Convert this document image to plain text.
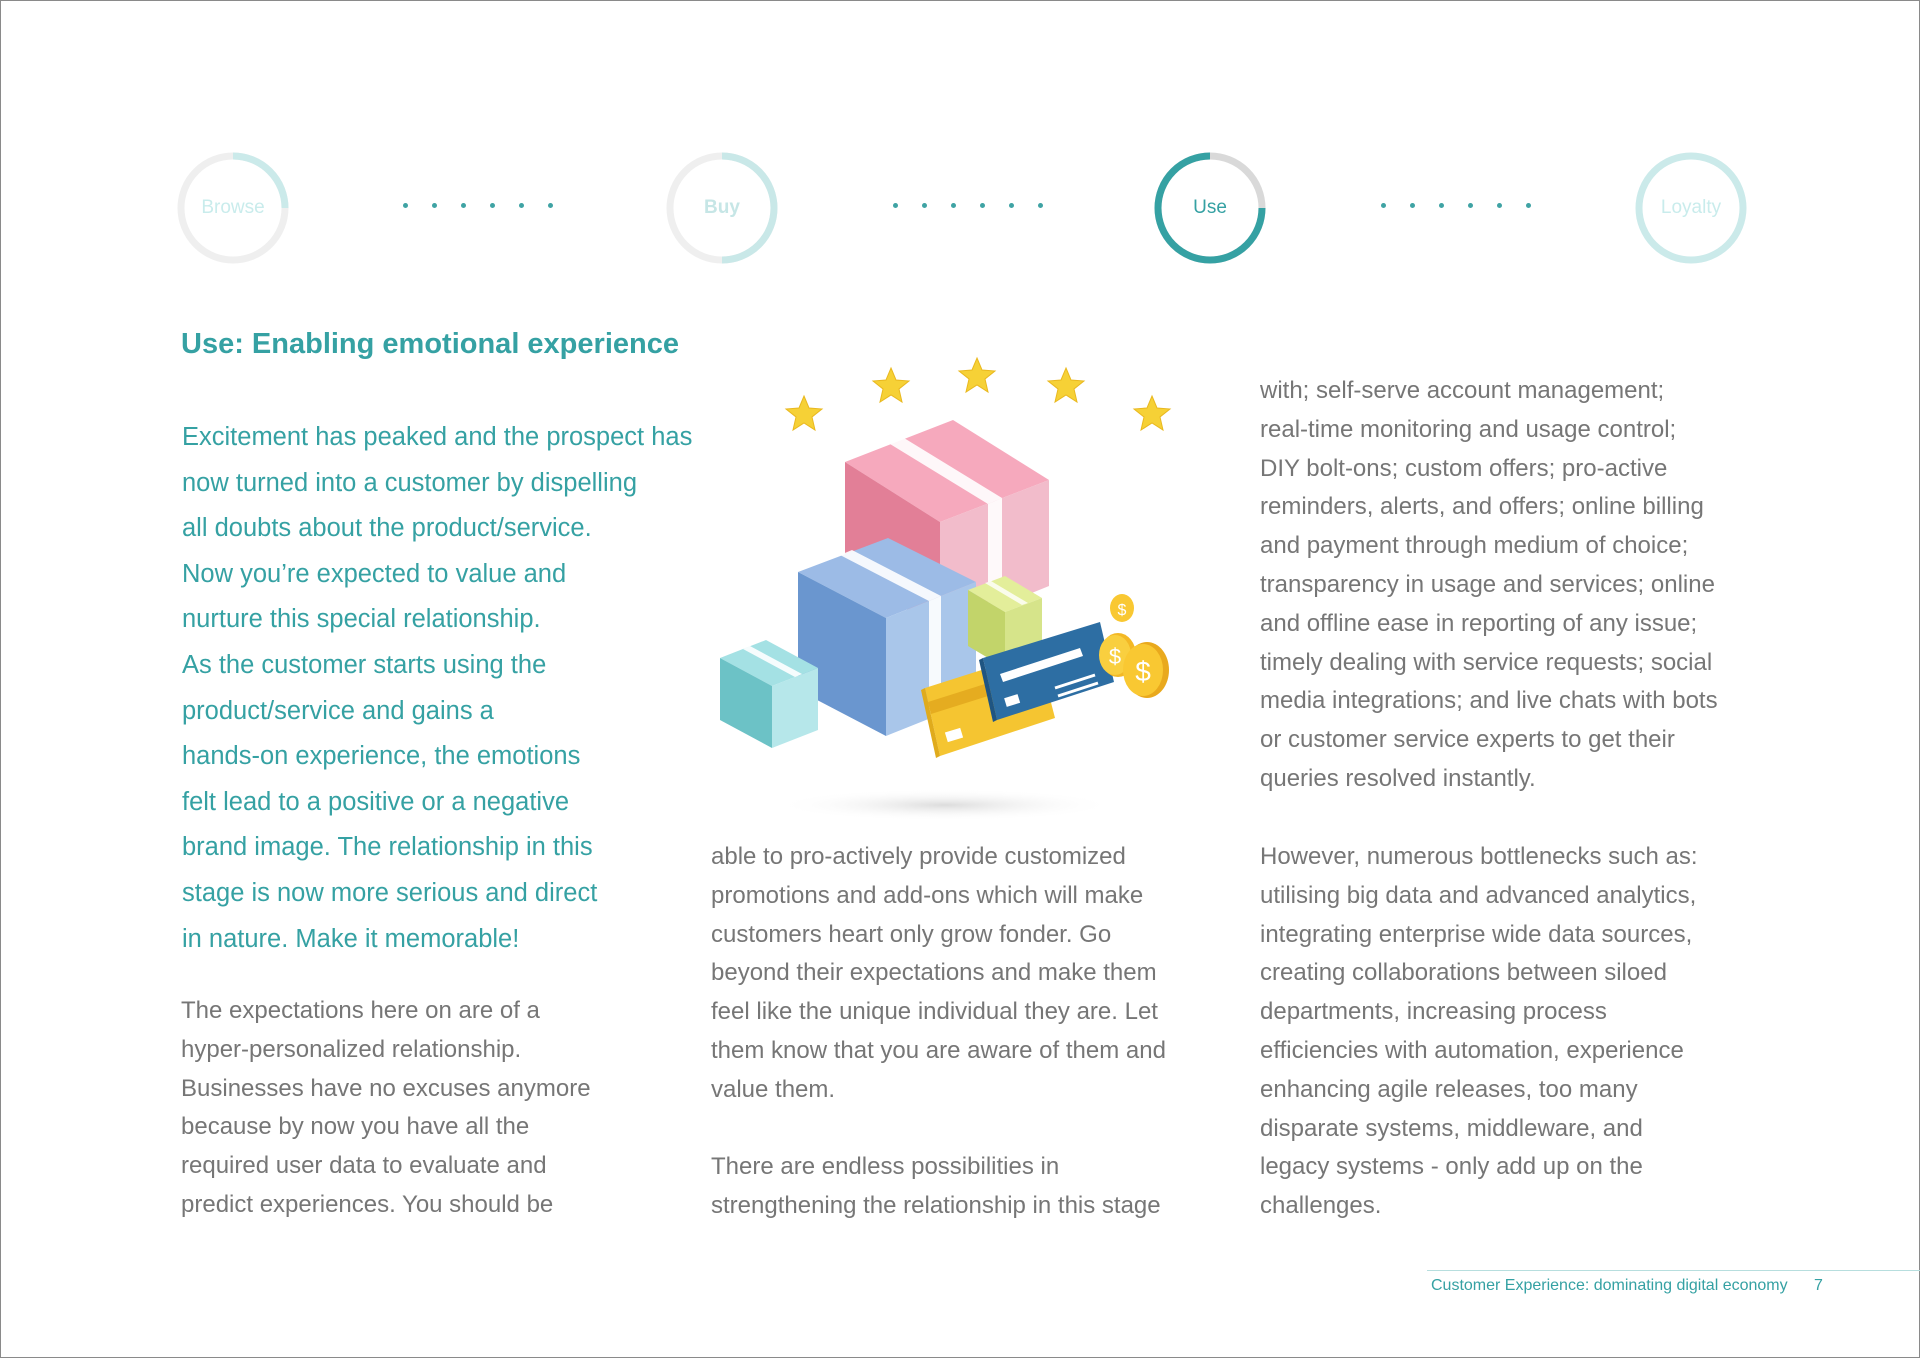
Browse	Buy	Use	Loyalty
Use: Enabling emotional experience
Excitement has peaked and the prospect has
now turned into a customer by dispelling
all doubts about the product/service.
Now you’re expected to value and
nurture this special relationship.
As the customer starts using the
product/service and gains a
hands-on experience, the emotions
felt lead to a positive or a negative
brand image. The relationship in this
stage is now more serious and direct
in nature. Make it memorable!
The expectations here on are of a
hyper-personalized relationship.
Businesses have no excuses anymore
because by now you have all the
required user data to evaluate and
predict experiences. You should be
$ $
$
able to pro-actively provide customized
promotions and add-ons which will make
customers heart only grow fonder. Go
beyond their expectations and make them
feel like the unique individual they are. Let
them know that you are aware of them and
value them.
There are endless possibilities in
strengthening the relationship in this stage
with; self-serve account management;
real-time monitoring and usage control;
DIY bolt-ons; custom offers; pro-active
reminders, alerts, and offers; online billing
and payment through medium of choice;
transparency in usage and services; online
and offline ease in reporting of any issue;
timely dealing with service requests; social
media integrations; and live chats with bots
or customer service experts to get their
queries resolved instantly.
However, numerous bottlenecks such as:
utilising big data and advanced analytics,
integrating enterprise wide data sources,
creating collaborations between siloed
departments, increasing process
efficiencies with automation, experience
enhancing agile releases, too many
disparate systems, middleware, and
legacy systems - only add up on the
challenges.
Customer Experience: dominating digital economy 7
